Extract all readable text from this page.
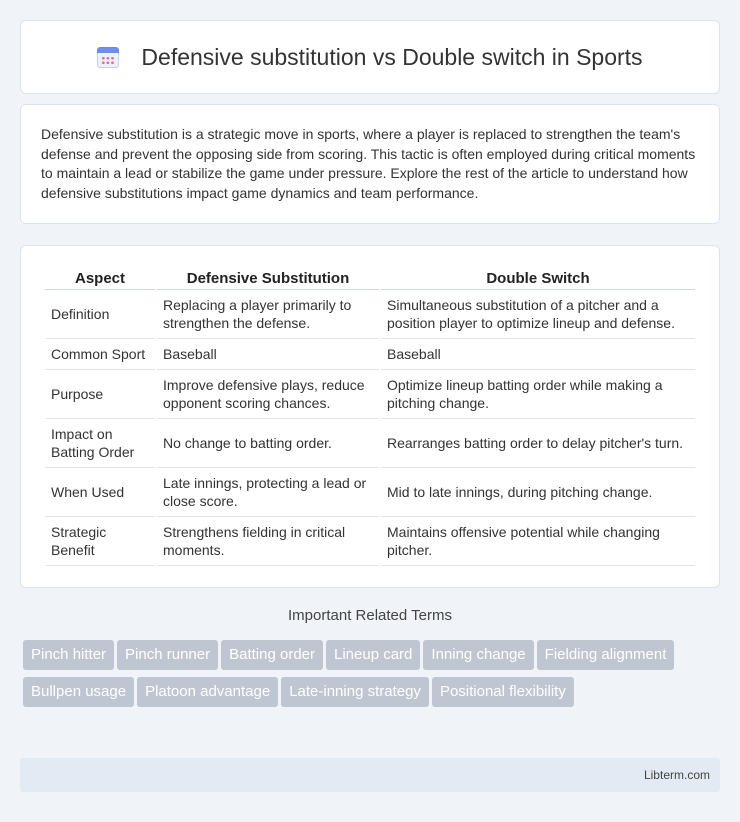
Defensive substitution vs Double switch in Sports

Defensive substitution is a strategic move in sports, where a player is replaced to strengthen the team's defense and prevent the opposing side from scoring. This tactic is often employed during critical moments to maintain a lead or stabilize the game under pressure. Explore the rest of the article to understand how defensive substitutions impact game dynamics and team performance.

Aspect	Defensive Substitution	Double Switch
Definition	Replacing a player primarily to strengthen the defense.	Simultaneous substitution of a pitcher and a position player to optimize lineup and defense.
Common Sport	Baseball	Baseball
Purpose	Improve defensive plays, reduce opponent scoring chances.	Optimize lineup batting order while making a pitching change.
Impact on Batting Order	No change to batting order.	Rearranges batting order to delay pitcher's turn.
When Used	Late innings, protecting a lead or close score.	Mid to late innings, during pitching change.
Strategic Benefit	Strengthens fielding in critical moments.	Maintains offensive potential while changing pitcher.
Important Related Terms
Pinch hitter Pinch runner Batting order Lineup card Inning change Fielding alignmentBullpen usage Platoon advantage Late-inning strategy Positional flexibility
Libterm.com
